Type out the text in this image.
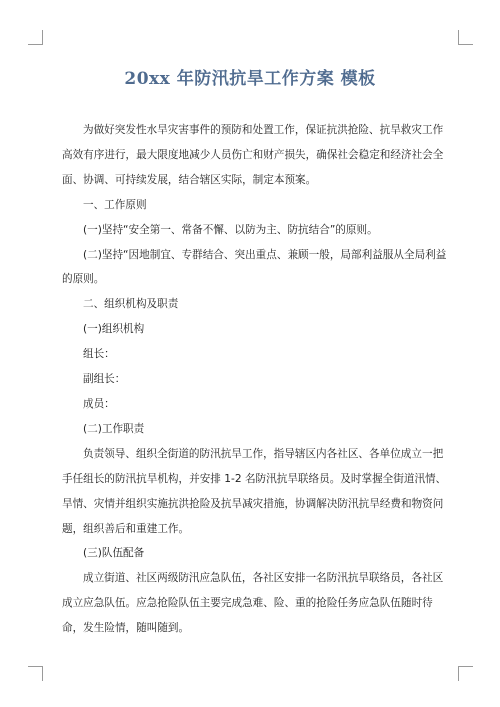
20xx 年防汛抗旱工作方案 模板

为做好突发性水旱灾害事件的预防和处置工作，保证抗洪抢险、抗旱救灾工作高效有序进行，最大限度地减少人员伤亡和财产损失，确保社会稳定和经济社会全面、协调、可持续发展，结合辖区实际，制定本预案。

一、工作原则

(一)坚持“安全第一、常备不懈、以防为主、防抗结合”的原则。

(二)坚持“因地制宜、专群结合、突出重点、兼顾一般，局部利益服从全局利益的原则。

二、组织机构及职责

(一)组织机构

组长：

副组长：

成员：

(二)工作职责

负责领导、组织全街道的防汛抗旱工作，指导辖区内各社区、各单位成立一把手任组长的防汛抗旱机构，并安排 1-2 名防汛抗旱联络员。及时掌握全街道汛情、旱情、灾情并组织实施抗洪抢险及抗旱减灾措施，协调解决防汛抗旱经费和物资问题，组织善后和重建工作。

(三)队伍配备

成立街道、社区两级防汛应急队伍，各社区安排一名防汛抗旱联络员，各社区成立应急队伍。应急抢险队伍主要完成急难、险、重的抢险任务应急队伍随时待命，发生险情，随叫随到。
